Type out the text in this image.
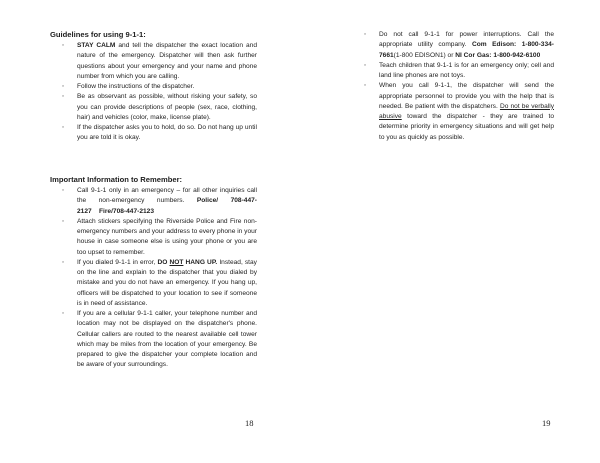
Guidelines for using 9-1-1:
◦	STAY CALM and tell the dispatcher the exact location and nature of the emergency. Dispatcher will then ask further questions about your emergency and your name and phone number from which you are calling.
◦	Follow the instructions of the dispatcher.
◦	Be as observant as possible, without risking your safety, so you can provide descriptions of people (sex, race, clothing, hair) and vehicles (color, make, license plate).
◦	If the dispatcher asks you to hold, do so. Do not hang up until you are told it is okay.
Important Information to Remember:
◦	Call 9-1-1 only in an emergency – for all other inquiries call the non-emergency numbers. Police/ 708-447-2127 Fire/708-447-2123
◦	Attach stickers specifying the Riverside Police and Fire non-emergency numbers and your address to every phone in your house in case someone else is using your phone or you are too upset to remember.
◦	If you dialed 9-1-1 in error, DO NOT HANG UP. Instead, stay on the line and explain to the dispatcher that you dialed by mistake and you do not have an emergency. If you hang up, officers will be dispatched to your location to see if someone is in need of assistance.
◦	If you are a cellular 9-1-1 caller, your telephone number and location may not be displayed on the dispatcher's phone. Cellular callers are routed to the nearest available cell tower which may be miles from the location of your emergency. Be prepared to give the dispatcher your complete location and be aware of your surroundings.
18
◦	Do not call 9-1-1 for power interruptions. Call the appropriate utility company. Com Edison: 1-800-334-7661(1-800 EDISON1) or NI Cor Gas: 1-800-942-6100
◦	Teach children that 9-1-1 is for an emergency only; cell and land line phones are not toys.
◦	When you call 9-1-1, the dispatcher will send the appropriate personnel to provide you with the help that is needed. Be patient with the dispatchers. Do not be verbally abusive toward the dispatcher - they are trained to determine priority in emergency situations and will get help to you as quickly as possible.
19
